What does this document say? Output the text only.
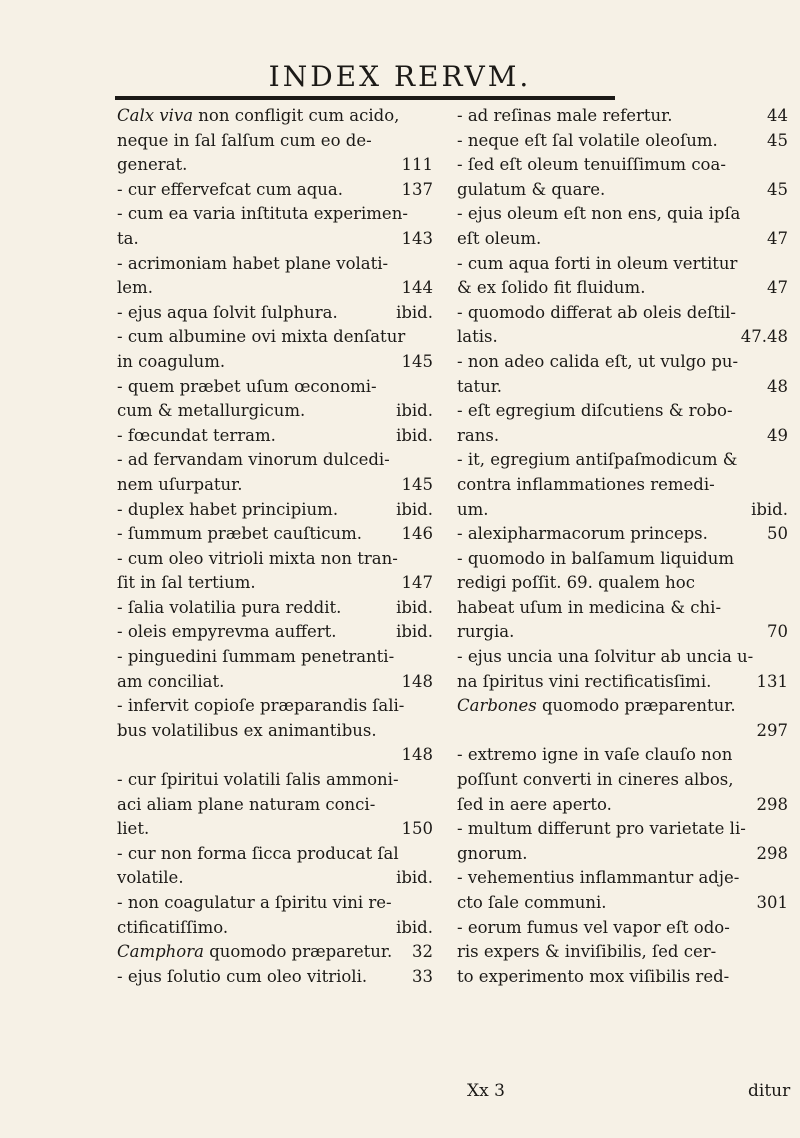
INDEX RERVM.
Calx viva non confligit cum acido,
neque in ſal ſalſum cum eo de-
111
generat.
137
- cur effervefcat cum aqua.
- cum ea varia inſtituta experimen-
143
ta.
- acrimoniam habet plane volati-
144
lem.
ibid.
- ejus aqua ſolvit ſulphura.
- cum albumine ovi mixta denſatur
145
in coagulum.
- quem præbet uſum œconomi-
ibid.
cum & metallurgicum.
ibid.
- fœcundat terram.
- ad fervandam vinorum dulcedi-
145
nem uſurpatur.
ibid.
- duplex habet principium.
146
- ſummum præbet cauſticum.
- cum oleo vitrioli mixta non tran-
147
ſit in ſal tertium.
ibid.
- ſalia volatilia pura reddit.
ibid.
- oleis empyrevma auffert.
- pinguedini ſummam penetranti-
148
am conciliat.
- infervit copioſe præparandis ſali-
bus volatilibus ex animantibus.
148

- cur ſpiritui volatili ſalis ammoni-
aci aliam plane naturam conci-
150
liet.
- cur non forma ſicca producat ſal
ibid.
volatile.
- non coagulatur a ſpiritu vini re-
ibid.
ctificatiſſimo.
32
Camphora quomodo præparetur.
33
- ejus ſolutio cum oleo vitrioli.
44
- ad reſinas male refertur.
45
- neque eſt ſal volatile oleoſum.
- ſed eſt oleum tenuiſſimum coa-
45
gulatum & quare.
- ejus oleum eſt non ens, quia ipſa
47
eſt oleum.
- cum aqua forti in oleum vertitur
47
& ex ſolido fit fluidum.
- quomodo differat ab oleis deſtil-
47.48
latis.
- non adeo calida eſt, ut vulgo pu-
48
tatur.
- eſt egregium diſcutiens & robo-
49
rans.
- it, egregium antiſpaſmodicum &
contra inflammationes remedi-
ibid.
um.
50
- alexipharmacorum princeps.
- quomodo in balſamum liquidum
redigi poſſit. 69. qualem hoc
habeat uſum in medicina & chi-
70
rurgia.
- ejus uncia una ſolvitur ab uncia u-
131
na ſpiritus vini rectificatisſimi.
Carbones quomodo præparentur.
297

- extremo igne in vaſe clauſo non
poſſunt converti in cineres albos,
298
ſed in aere aperto.
- multum differunt pro varietate li-
298
gnorum.
- vehementius inflammantur adje-
301
cto ſale communi.
- eorum fumus vel vapor eſt odo-
ris expers & inviſibilis, ſed cer-
to experimento mox viſibilis red-
Xx 3	ditur
